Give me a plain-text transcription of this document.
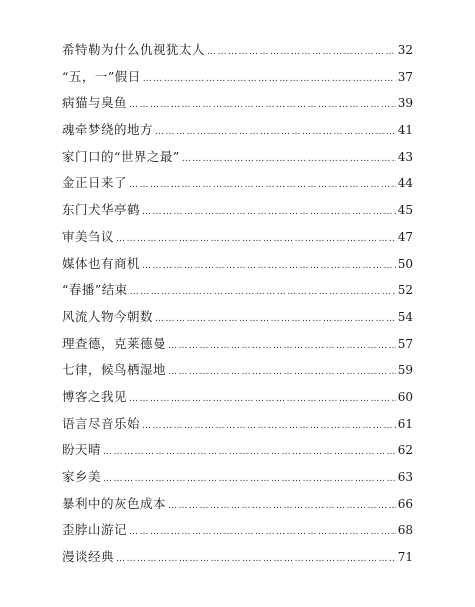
希特勒为什么仇视犹太人 ……………………………………………………………………………………………………………………………………………………………………………	32
“五，一”假日 ……………………………………………………………………………………………………………………………………………………………………………	37
病猫与臭鱼 ……………………………………………………………………………………………………………………………………………………………………………	39
魂牵梦绕的地方 ……………………………………………………………………………………………………………………………………………………………………………	41
家门口的“世界之最” ……………………………………………………………………………………………………………………………………………………………………………	43
金正日来了 ……………………………………………………………………………………………………………………………………………………………………………	44
东门犬华亭鹤 ……………………………………………………………………………………………………………………………………………………………………………	45
审美刍议 ……………………………………………………………………………………………………………………………………………………………………………	47
媒体也有商机 ……………………………………………………………………………………………………………………………………………………………………………	50
“春播”结束 ……………………………………………………………………………………………………………………………………………………………………………	52
风流人物今朝数 ……………………………………………………………………………………………………………………………………………………………………………	54
理查德，克莱德曼 ……………………………………………………………………………………………………………………………………………………………………………	57
七律，候鸟栖湿地 ……………………………………………………………………………………………………………………………………………………………………………	59
博客之我见 ……………………………………………………………………………………………………………………………………………………………………………	60
语言尽音乐始 ……………………………………………………………………………………………………………………………………………………………………………	61
盼天晴 ……………………………………………………………………………………………………………………………………………………………………………	62
家乡美 ……………………………………………………………………………………………………………………………………………………………………………	63
暴利中的灰色成本 ……………………………………………………………………………………………………………………………………………………………………………	66
歪脖山游记 ……………………………………………………………………………………………………………………………………………………………………………	68
漫谈经典 ……………………………………………………………………………………………………………………………………………………………………………	71
